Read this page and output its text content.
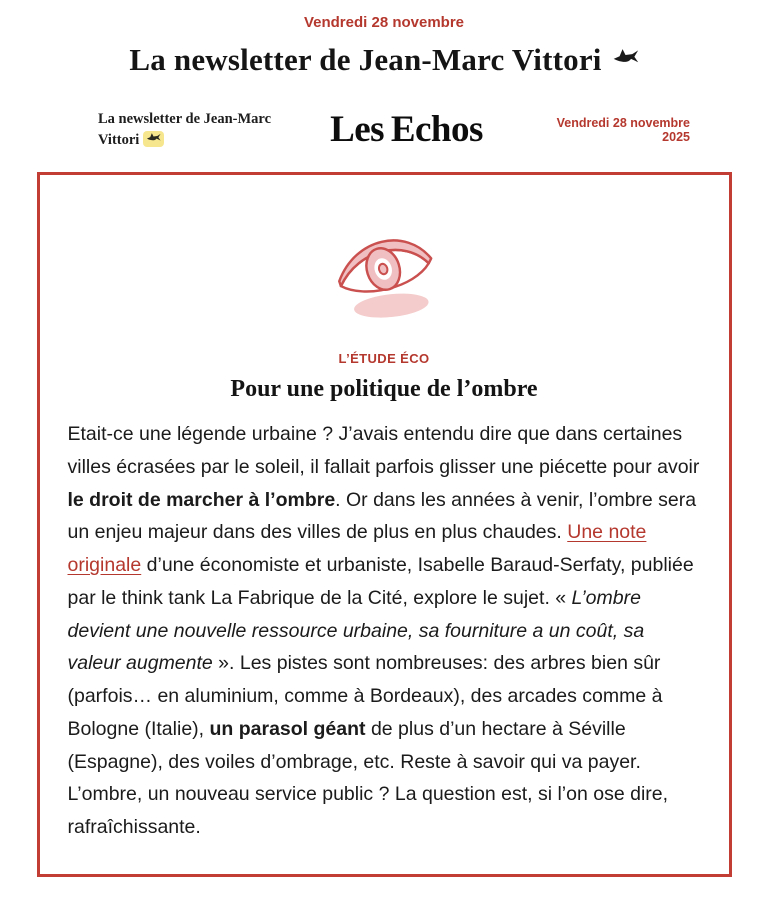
Vendredi 28 novembre
La newsletter de Jean-Marc Vittori
La newsletter de Jean-Marc Vittori	Les Echos	Vendredi 28 novembre 2025
L’ÉTUDE ÉCO
Pour une politique de l’ombre

Etait-ce une légende urbaine ? J’avais entendu dire que dans certaines villes écrasées par le soleil, il fallait parfois glisser une piécette pour avoir le droit de marcher à l’ombre. Or dans les années à venir, l’ombre sera un enjeu majeur dans des villes de plus en plus chaudes. Une note originale d’une économiste et urbaniste, Isabelle Baraud-Serfaty, publiée par le think tank La Fabrique de la Cité, explore le sujet. « L’ombre devient une nouvelle ressource urbaine, sa fourniture a un coût, sa valeur augmente ». Les pistes sont nombreuses: des arbres bien sûr (parfois… en aluminium, comme à Bordeaux), des arcades comme à Bologne (Italie), un parasol géant de plus d’un hectare à Séville (Espagne), des voiles d’ombrage, etc. Reste à savoir qui va payer. L’ombre, un nouveau service public ? La question est, si l’on ose dire, rafraîchissante.
